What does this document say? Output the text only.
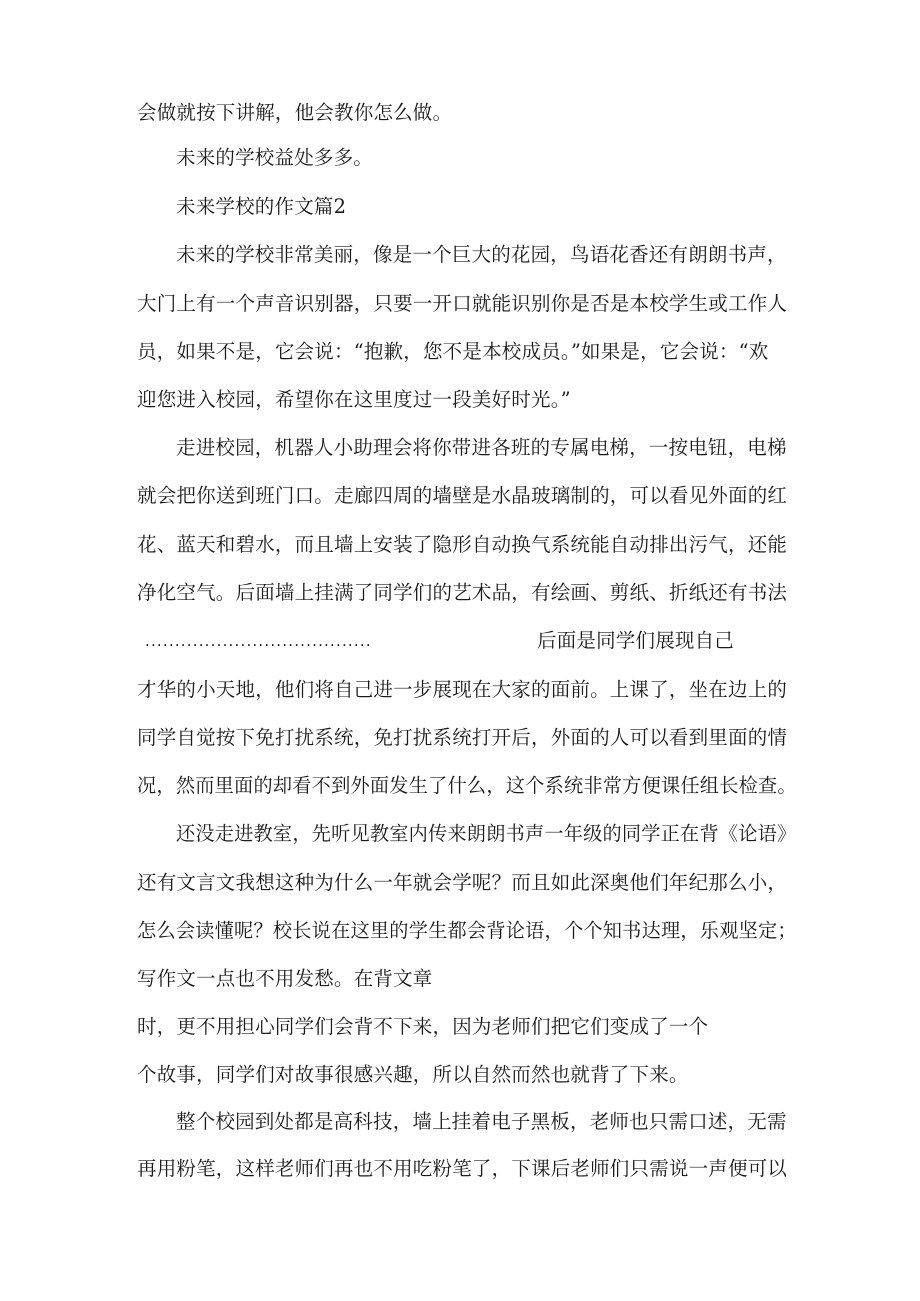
会做就按下讲解，他会教你怎么做。
未来的学校益处多多。
未来学校的作文篇2
未来的学校非常美丽，像是一个巨大的花园，鸟语花香还有朗朗书声，
大门上有一个声音识别器，只要一开口就能识别你是否是本校学生或工作人
员，如果不是，它会说：“抱歉，您不是本校成员。”如果是，它会说：“欢
迎您进入校园，希望你在这里度过一段美好时光。”
走进校园，机器人小助理会将你带进各班的专属电梯，一按电钮，电梯
就会把你送到班门口。走廊四周的墙壁是水晶玻璃制的，可以看见外面的红
花、蓝天和碧水，而且墙上安装了隐形自动换气系统能自动排出污气，还能
净化空气。后面墙上挂满了同学们的艺术品，有绘画、剪纸、折纸还有书法
......................................	后面是同学们展现自己
才华的小天地，他们将自己进一步展现在大家的面前。上课了，坐在边上的
同学自觉按下免打扰系统，免打扰系统打开后，外面的人可以看到里面的情
况，然而里面的却看不到外面发生了什么，这个系统非常方便课任组长检查。
还没走进教室，先听见教室内传来朗朗书声一年级的同学正在背《论语》
还有文言文我想这种为什么一年就会学呢？而且如此深奥他们年纪那么小，
怎么会读懂呢？校长说在这里的学生都会背论语，个个知书达理，乐观坚定；
写作文一点也不用发愁。在背文章
时，更不用担心同学们会背不下来，因为老师们把它们变成了一个
个故事，同学们对故事很感兴趣，所以自然而然也就背了下来。
整个校园到处都是高科技，墙上挂着电子黑板，老师也只需口述，无需
再用粉笔，这样老师们再也不用吃粉笔了，下课后老师们只需说一声便可以
